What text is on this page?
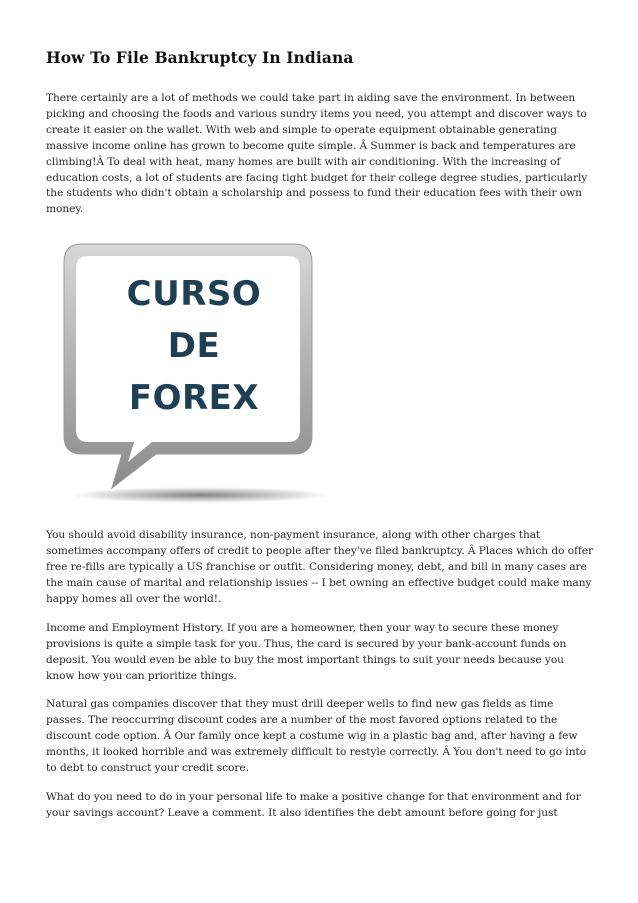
How To File Bankruptcy In Indiana

There certainly are a lot of methods we could take part in aiding save the environment. In between picking and choosing the foods and various sundry items you need, you attempt and discover ways to create it easier on the wallet. With web and simple to operate equipment obtainable generating massive income online has grown to become quite simple. Â Summer is back and temperatures are climbing!Â To deal with heat, many homes are built with air conditioning. With the increasing of education costs, a lot of students are facing tight budget for their college degree studies, particularly the students who didn't obtain a scholarship and possess to fund their education fees with their own money.

CURSO
DE
FOREX

You should avoid disability insurance, non-payment insurance, along with other charges that sometimes accompany offers of credit to people after they've filed bankruptcy. Â Places which do offer free re-fills are typically a US franchise or outfit. Considering money, debt, and bill in many cases are the main cause of marital and relationship issues -- I bet owning an effective budget could make many happy homes all over the world!.

Income and Employment History. If you are a homeowner, then your way to secure these money provisions is quite a simple task for you. Thus, the card is secured by your bank-account funds on deposit. You would even be able to buy the most important things to suit your needs because you know how you can prioritize things.

Natural gas companies discover that they must drill deeper wells to find new gas fields as time passes. The reoccurring discount codes are a number of the most favored options related to the discount code option. Â Our family once kept a costume wig in a plastic bag and, after having a few months, it looked horrible and was extremely difficult to restyle correctly. Â You don't need to go into to debt to construct your credit score.

What do you need to do in your personal life to make a positive change for that environment and for your savings account? Leave a comment. It also identifies the debt amount before going for just
